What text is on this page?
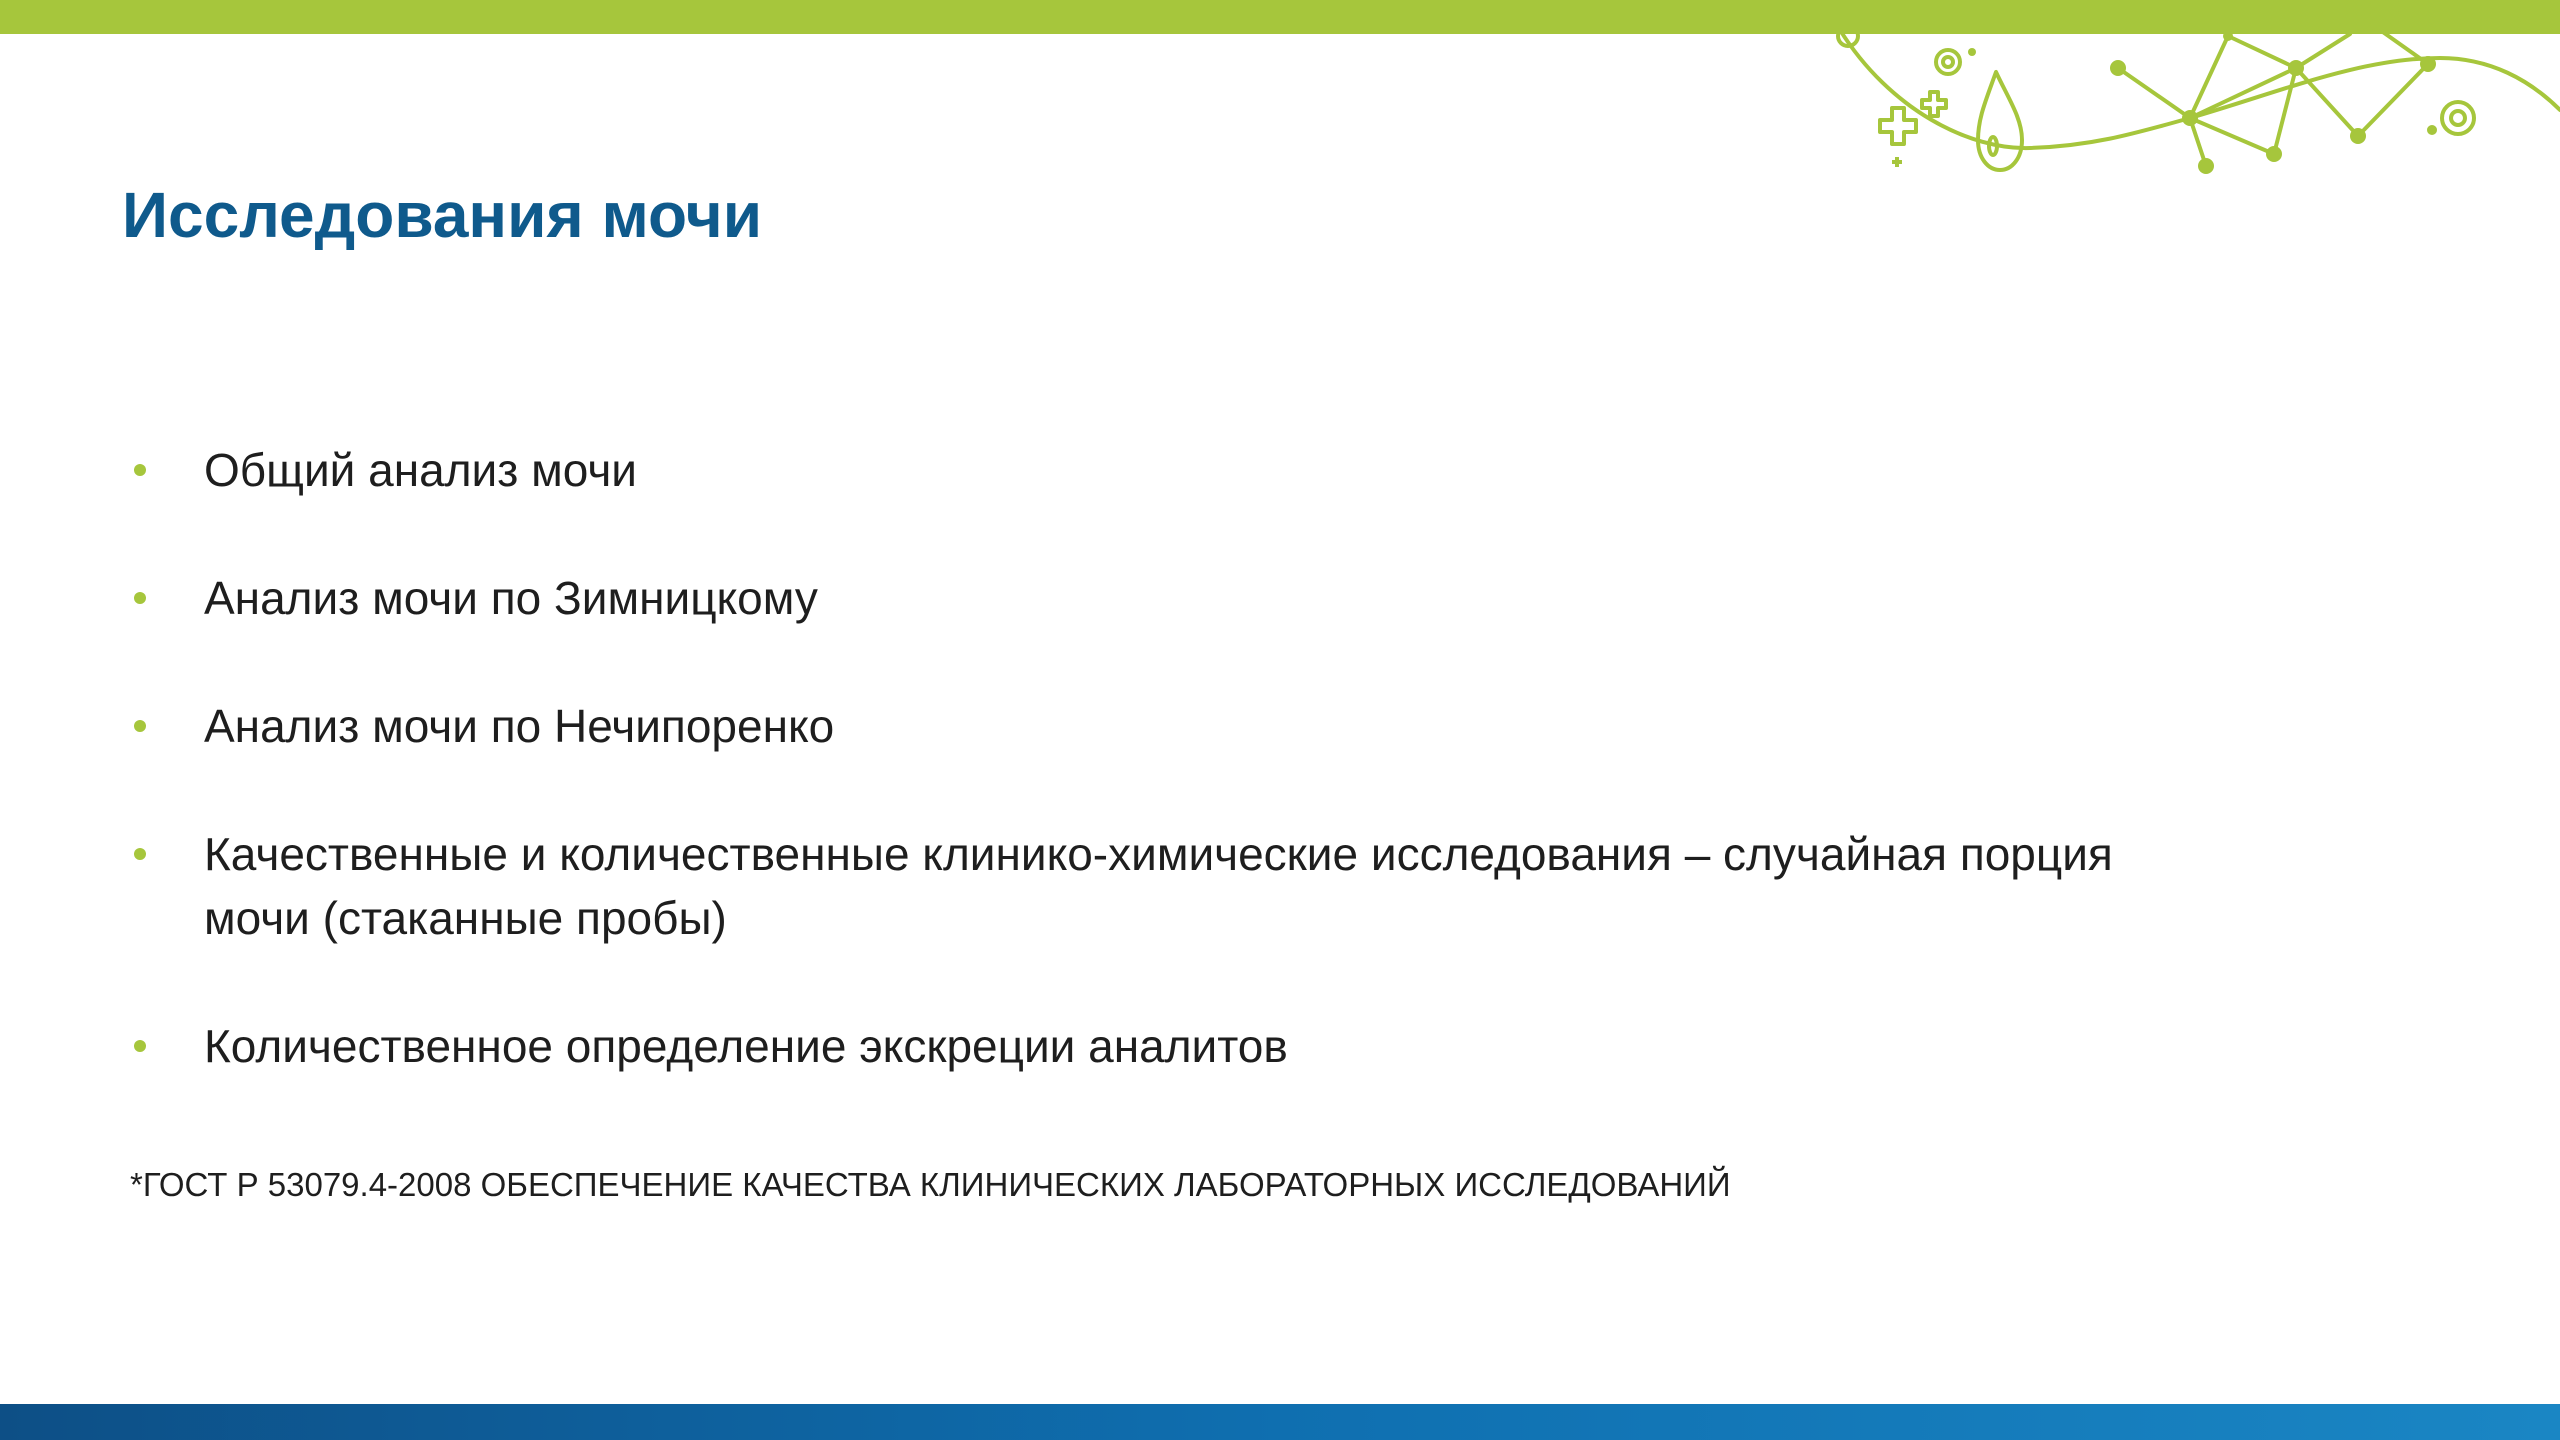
Исследования мочи
Общий анализ мочи
Анализ мочи по Зимницкому
Анализ мочи по Нечипоренко
Качественные и количественные клинико-химические исследования – случайная порция мочи (стаканные пробы)
Количественное определение экскреции аналитов

*ГОСТ Р 53079.4-2008 ОБЕСПЕЧЕНИЕ КАЧЕСТВА КЛИНИЧЕСКИХ ЛАБОРАТОРНЫХ ИССЛЕДОВАНИЙ
